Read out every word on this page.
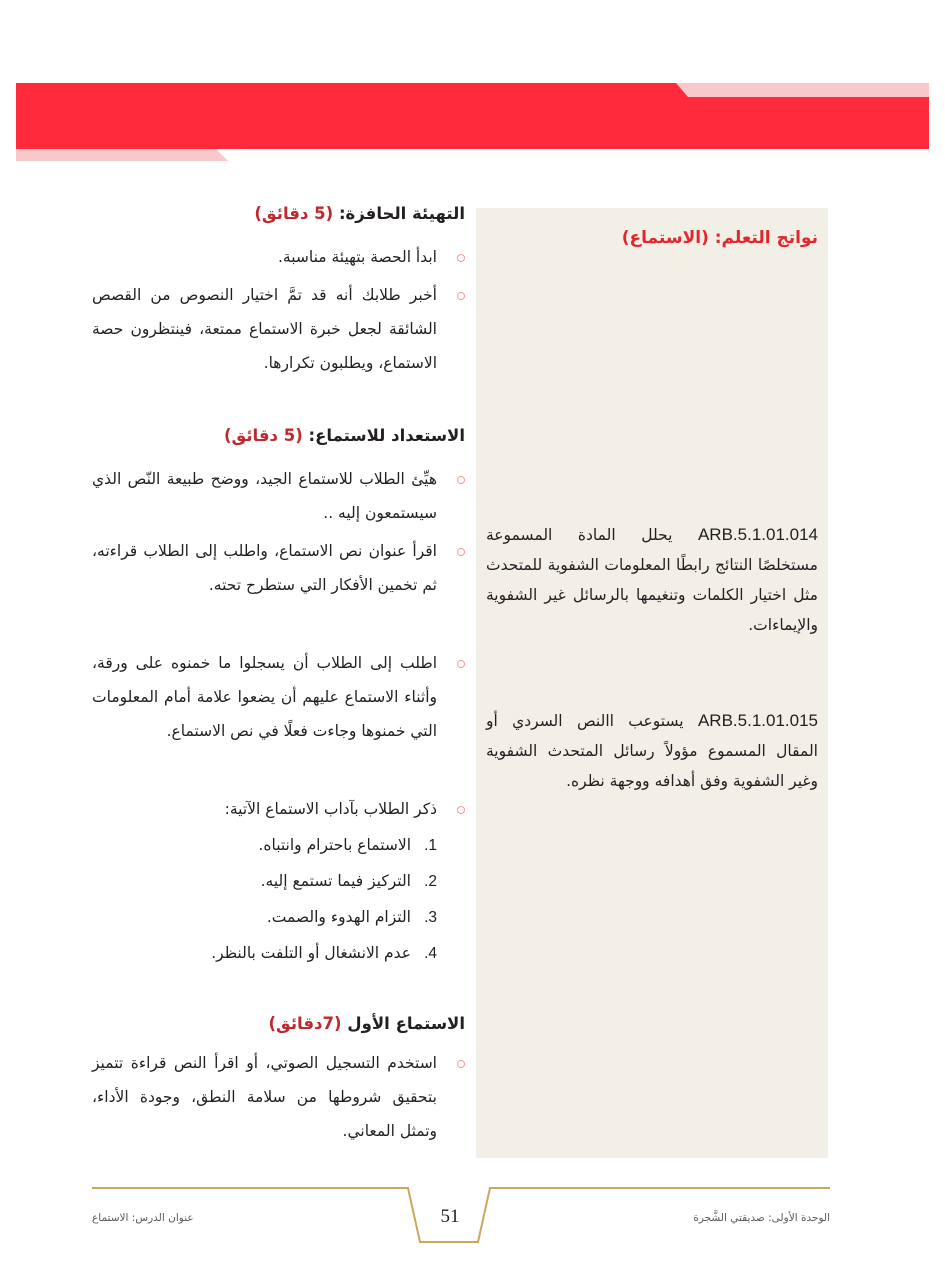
نواتج التعلم: (الاستماع)
ARB.5.1.01.014 يحلل المادة المسموعة مستخلصًا النتائج رابطًا المعلومات الشفوية للمتحدث مثل اختيار الكلمات وتنغيمها بالرسائل غير الشفوية والإيماءات.
ARB.5.1.01.015 يستوعب االنص السردي أو المقال المسموع مؤولاً رسائل المتحدث الشفوية وغير الشفوية وفق أهدافه ووجهة نظره.
التهيئة الحافزة: (5 دقائق)
ابدأ الحصة بتهيئة مناسبة.
أخبر طلابك أنه قد تمَّ اختيار النصوص من القصص الشائقة لجعل خبرة الاستماع ممتعة، فينتظرون حصة الاستماع، ويطلبون تكرارها.
الاستعداد للاستماع: (5 دقائق)
هيِّئ الطلاب للاستماع الجيد، ووضح طبيعة النّص الذي سيستمعون إليه ..
اقرأ عنوان نص الاستماع، واطلب إلى الطلاب قراءته، ثم تخمين الأفكار التي ستطرح تحته.
اطلب إلى الطلاب أن يسجلوا ما خمنوه على ورقة، وأثناء الاستماع عليهم أن يضعوا علامة أمام المعلومات التي خمنوها وجاءت فعلًا في نص الاستماع.
ذكر الطلاب بآداب الاستماع الآتية:
1.الاستماع باحترام وانتباه.
2.التركيز فيما تستمع إليه.
3.التزام الهدوء والصمت.
4.عدم الانشغال أو التلفت بالنظر.
الاستماع الأول (7دقائق)
استخدم التسجيل الصوتي، أو اقرأ النص قراءة تتميز بتحقيق شروطها من سلامة النطق، وجودة الأداء، وتمثل المعاني.
51	الوحدة الأولى: صديقتي الشَّجرة
عنوان الدرس: الاستماع
